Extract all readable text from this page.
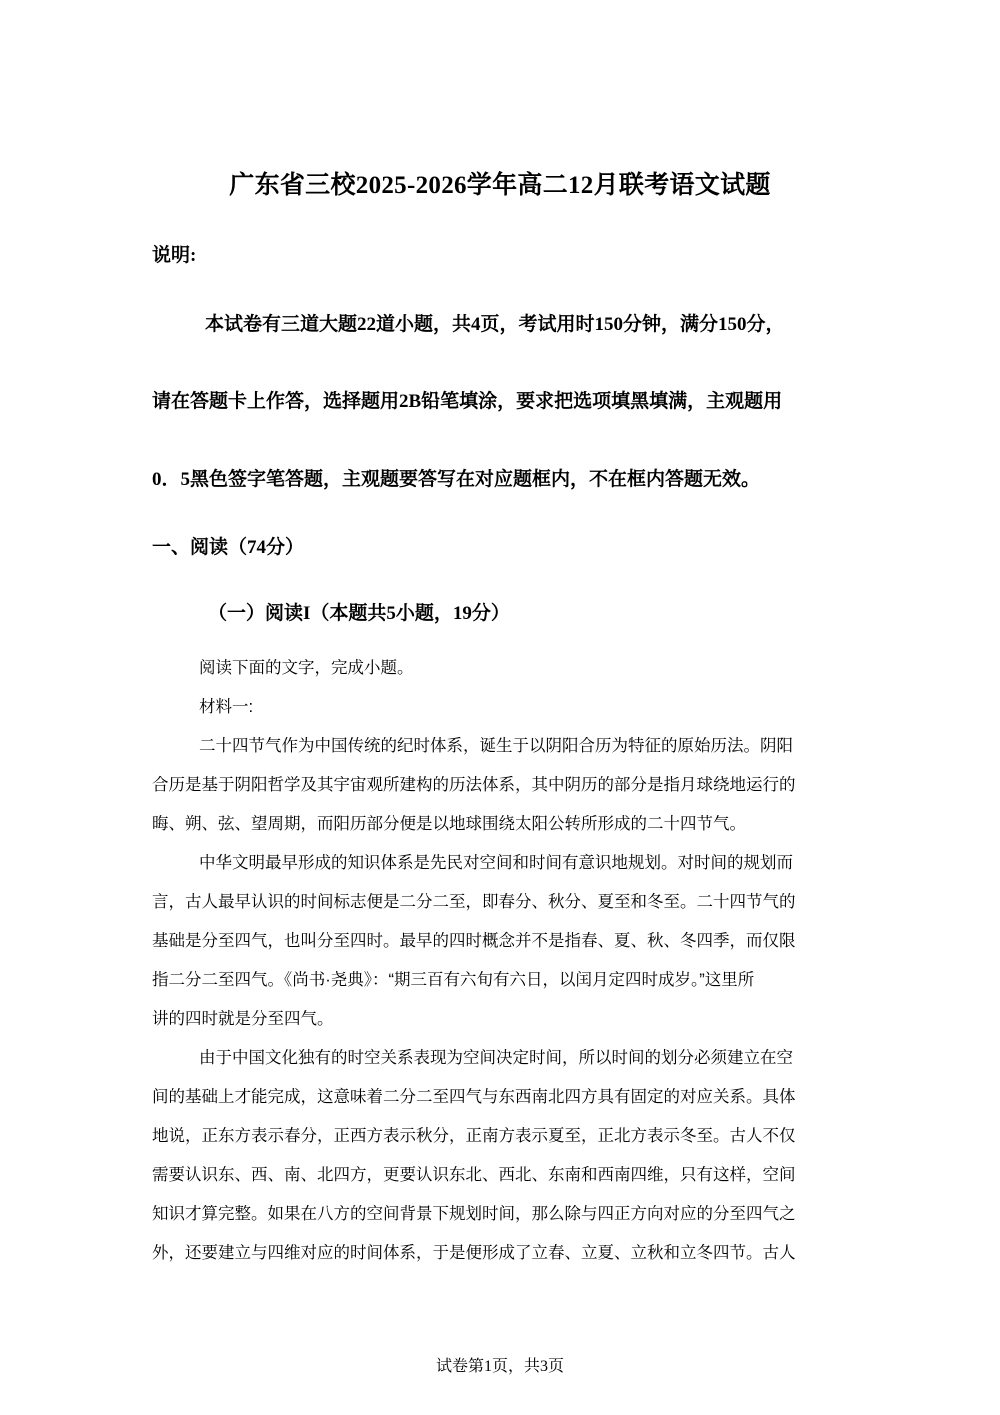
广东省三校2025-2026学年高二12月联考语文试题
说明:
本试卷有三道大题22道小题，共4页，考试用时150分钟，满分150分，
请在答题卡上作答，选择题用2B铅笔填涂，要求把选项填黑填满，主观题用
0．5黑色签字笔答题，主观题要答写在对应题框内，不在框内答题无效。
一、阅读（74分）
（一）阅读I（本题共5小题，19分）
阅读下面的文字，完成小题。
材料一:
二十四节气作为中国传统的纪时体系，诞生于以阴阳合历为特征的原始历法。阴阳
合历是基于阴阳哲学及其宇宙观所建构的历法体系，其中阴历的部分是指月球绕地运行的
晦、朔、弦、望周期，而阳历部分便是以地球围绕太阳公转所形成的二十四节气。
中华文明最早形成的知识体系是先民对空间和时间有意识地规划。对时间的规划而
言，古人最早认识的时间标志便是二分二至，即春分、秋分、夏至和冬至。二十四节气的
基础是分至四气，也叫分至四时。最早的四时概念并不是指春、夏、秋、冬四季，而仅限
指二分二至四气。《尚书·尧典》：“期三百有六旬有六日，以闰月定四时成岁。”这里所
讲的四时就是分至四气。
由于中国文化独有的时空关系表现为空间决定时间，所以时间的划分必须建立在空
间的基础上才能完成，这意味着二分二至四气与东西南北四方具有固定的对应关系。具体
地说，正东方表示春分，正西方表示秋分，正南方表示夏至，正北方表示冬至。古人不仅
需要认识东、西、南、北四方，更要认识东北、西北、东南和西南四维，只有这样，空间
知识才算完整。如果在八方的空间背景下规划时间，那么除与四正方向对应的分至四气之
外，还要建立与四维对应的时间体系，于是便形成了立春、立夏、立秋和立冬四节。古人
试卷第1页，共3页
